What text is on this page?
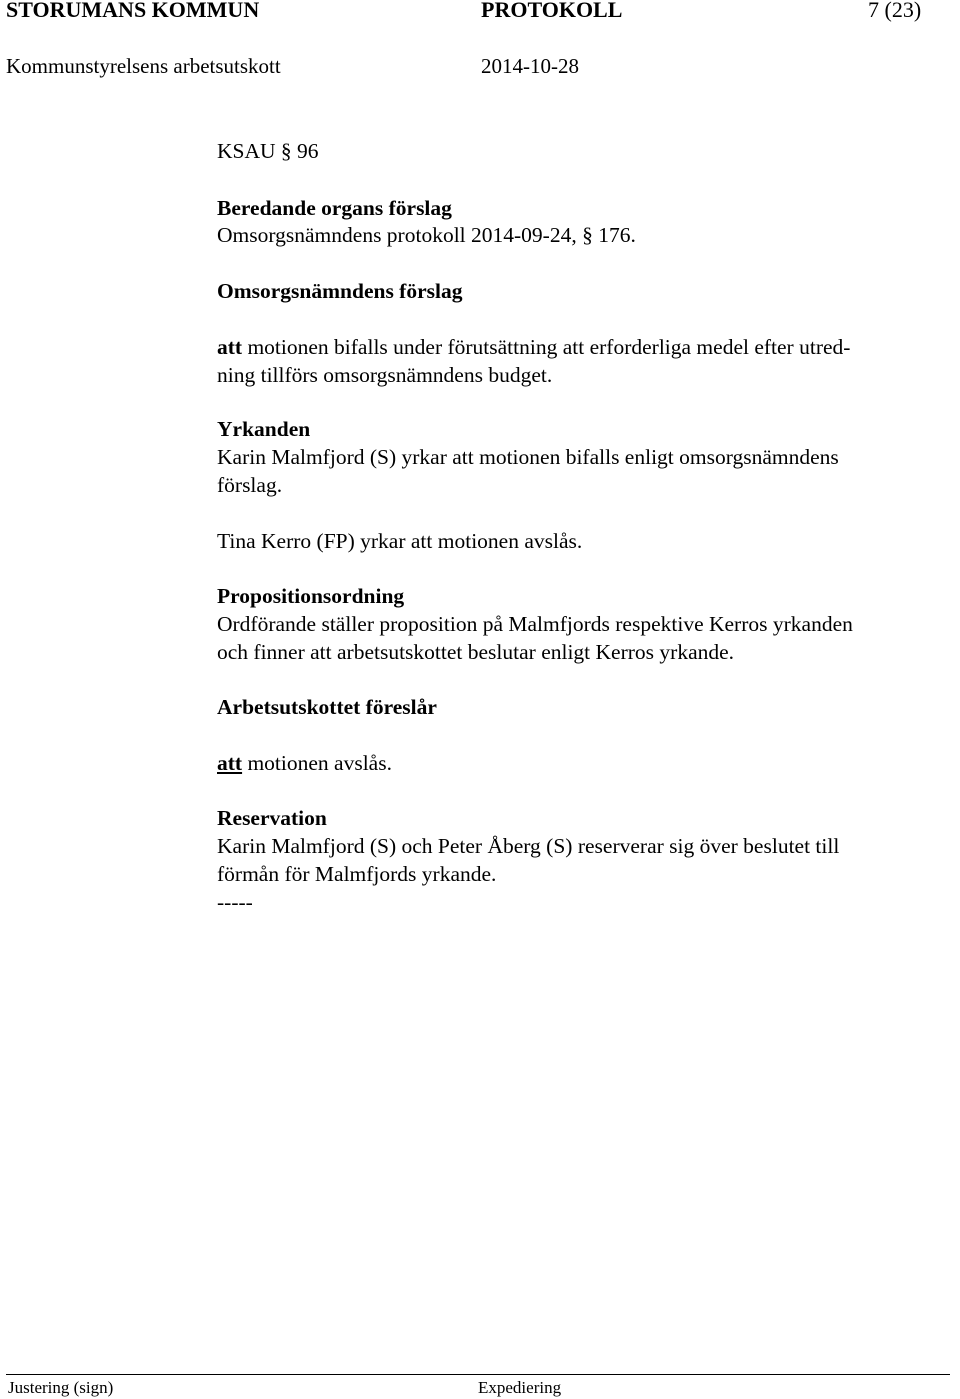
STORUMANS KOMMUN	PROTOKOLL	7 (23)
Kommunstyrelsens arbetsutskott	2014-10-28
KSAU § 96
Beredande organs förslag
Omsorgsnämndens protokoll 2014-09-24, § 176.
Omsorgsnämndens förslag
att motionen bifalls under förutsättning att erforderliga medel efter utred-
ning tillförs omsorgsnämndens budget.
Yrkanden
Karin Malmfjord (S) yrkar att motionen bifalls enligt omsorgsnämndens
förslag.
Tina Kerro (FP) yrkar att motionen avslås.
Propositionsordning
Ordförande ställer proposition på Malmfjords respektive Kerros yrkanden
och finner att arbetsutskottet beslutar enligt Kerros yrkande.
Arbetsutskottet föreslår
att motionen avslås.
Reservation
Karin Malmfjord (S) och Peter Åberg (S) reserverar sig över beslutet till
förmån för Malmfjords yrkande.
-----
Justering (sign)	Expediering
